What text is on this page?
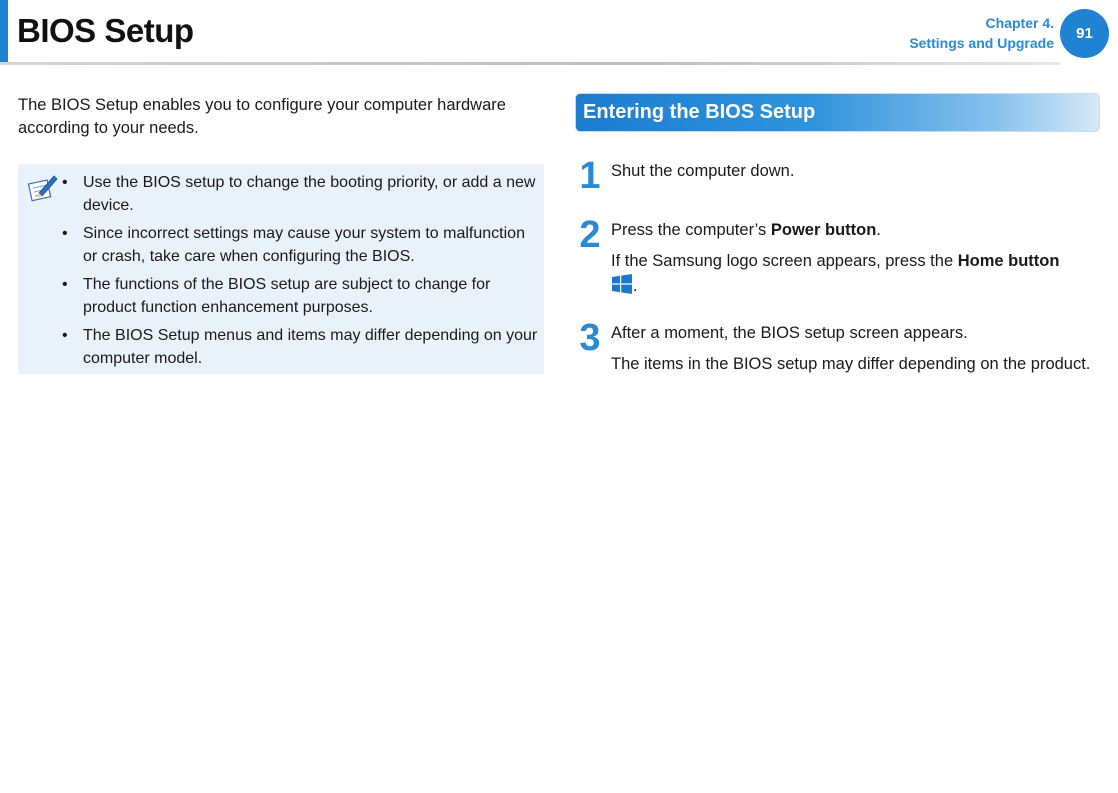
BIOS Setup	Chapter 4.
Settings and Upgrade
91

The BIOS Setup enables you to configure your computer hardware according to your needs.

• Use the BIOS setup to change the booting priority, or add a new device.
• Since incorrect settings may cause your system to malfunction or crash, take care when configuring the BIOS.
• The functions of the BIOS setup are subject to change for product function enhancement purposes.
• The BIOS Setup menus and items may differ depending on your computer model.
Entering the BIOS Setup
1 Shut the computer down.

2 Press the computer’s Power button.

If the Samsung logo screen appears, press the Home button
.

3 After a moment, the BIOS setup screen appears.

The items in the BIOS setup may differ depending on the product.
